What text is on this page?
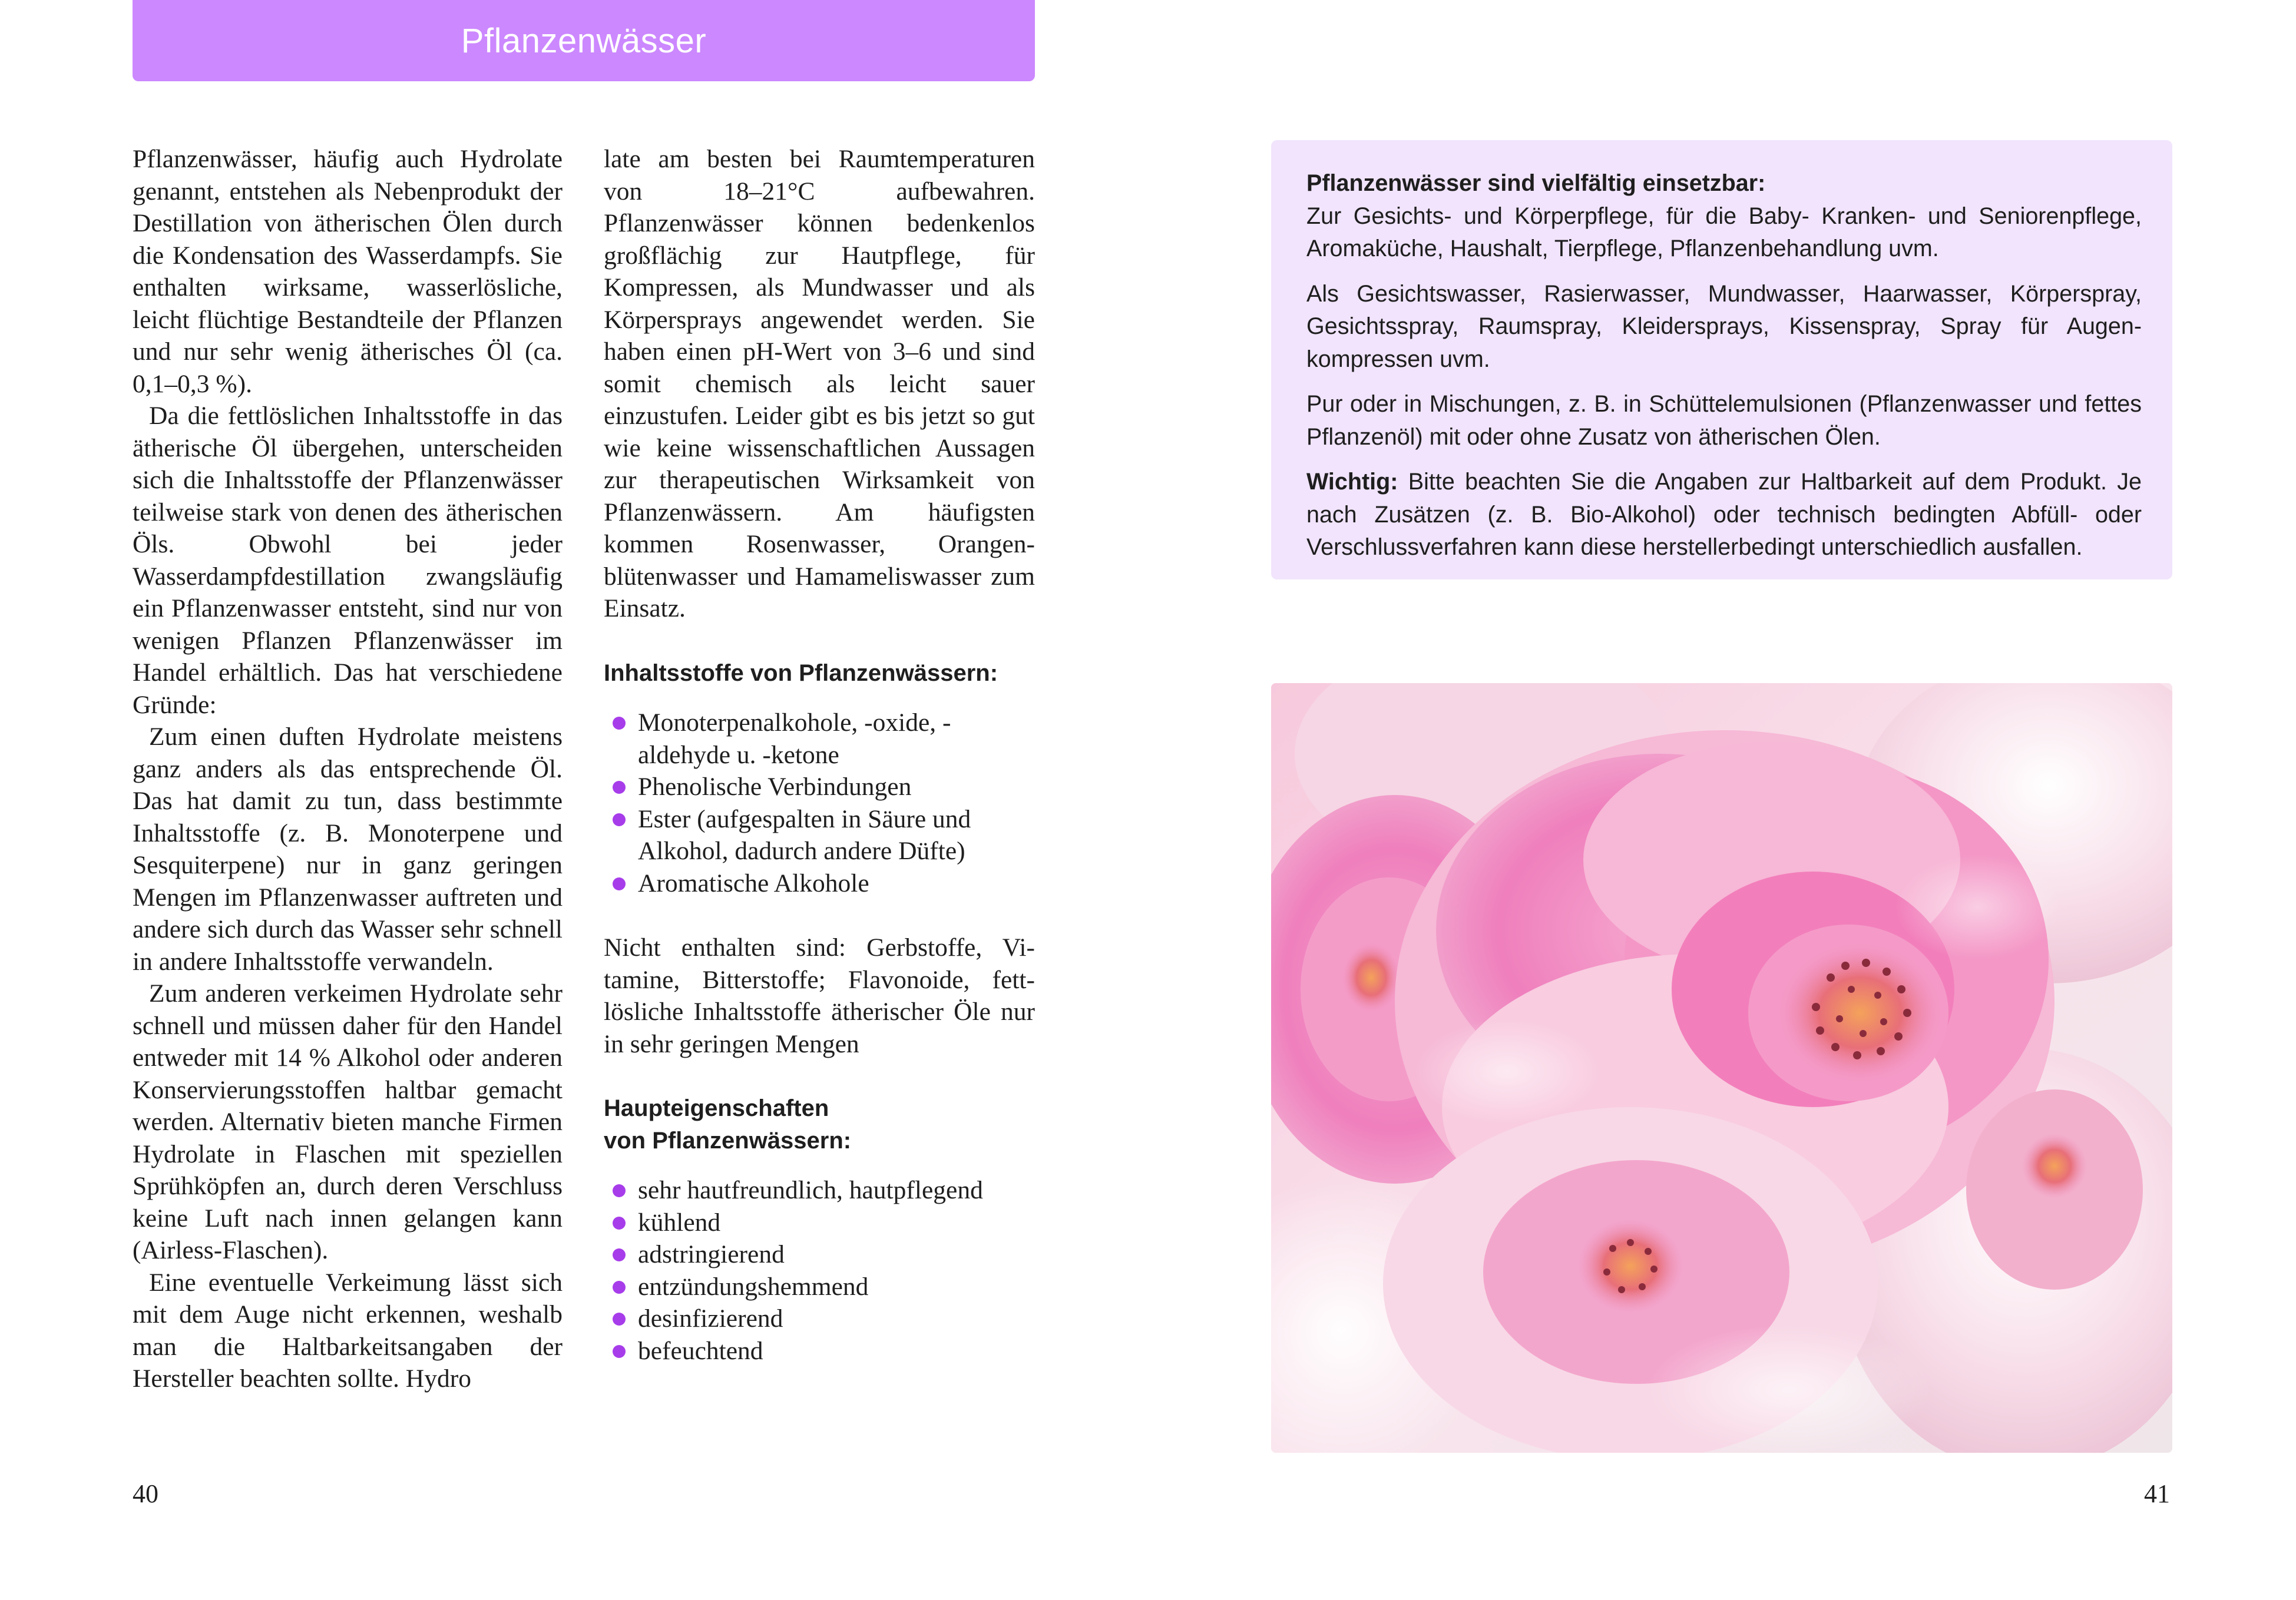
Pflanzenwässer

Pflanzenwässer, häufig auch Hydrolate genannt, entstehen als Nebenprodukt der Destillation von ätherischen Ölen durch die Kondensation des Wasserdampfs. Sie enthalten wirksame, wasserlösliche, leicht flüchtige Bestandteile der Pflanzen und nur sehr wenig ätherisches Öl (ca. 0,1–0,3 %).

Da die fettlöslichen Inhaltsstoffe in das ätherische Öl übergehen, unterscheiden sich die Inhaltsstoffe der Pflanzenwässer teilweise stark von denen des ätherischen Öls. Obwohl bei jeder Wasserdampfdestillation zwangsläufig ein Pflanzenwasser entsteht, sind nur von wenigen Pflanzen Pflanzenwässer im Handel erhältlich. Das hat verschiedene Gründe:

Zum einen duften Hydrolate meistens ganz anders als das entsprechende Öl. Das hat damit zu tun, dass bestimmte Inhaltsstoffe (z. B. Monoterpene und Sesquiterpene) nur in ganz geringen Mengen im Pflanzenwasser auftreten und andere sich durch das Wasser sehr schnell in andere Inhaltsstoffe verwandeln.

Zum anderen verkeimen Hydrolate sehr schnell und müssen daher für den Handel entweder mit 14 % Alkohol oder anderen Konservierungsstoffen haltbar gemacht werden. Alternativ bieten manche Firmen Hydrolate in Flaschen mit speziellen Sprühköpfen an, durch deren Verschluss keine Luft nach innen gelangen kann (Airless-Flaschen).

Eine eventuelle Verkeimung lässt sich mit dem Auge nicht erkennen, weshalb man die Haltbarkeitsangaben der Hersteller beachten sollte. Hydro

late am besten bei Raumtemperaturen von 18–21°C aufbewahren. Pflanzenwässer können bedenkenlos großflächig zur Hautpflege, für Kompressen, als Mundwasser und als Körpersprays angewendet werden. Sie haben einen pH-Wert von 3–6 und sind somit chemisch als leicht sauer einzustufen. Leider gibt es bis jetzt so gut wie keine wissenschaftlichen Aussagen zur therapeutischen Wirksamkeit von Pflanzenwässern. Am häufigsten kommen Rosenwasser, Orangenblütenwasser und Hamameliswasser zum Einsatz.

Inhaltsstoffe von Pflanzenwässern:

Monoterpenalkohole, -oxide, -aldehyde u. -ketone
Phenolische Verbindungen
Ester (aufgespalten in Säure und Alkohol, dadurch andere Düfte)
Aromatische Alkohole

Nicht enthalten sind: Gerbstoffe, Vitamine, Bitterstoffe; Flavonoide, fettlösliche Inhaltsstoffe ätherischer Öle nur in sehr geringen Mengen

Haupteigenschaften
von Pflanzenwässern:

sehr hautfreundlich, hautpflegend
kühlend
adstringierend
entzündungshemmend
desinfizierend
befeuchtend

Pflanzenwässer sind vielfältig einsetzbar:
Zur Gesichts- und Körperpflege, für die Baby- Kranken- und Seniorenpflege, Aromaküche, Haushalt, Tierpflege, Pflanzenbehandlung uvm.

Als Gesichtswasser, Rasierwasser, Mundwasser, Haarwasser, Körperspray, Gesichtsspray, Raumspray, Kleidersprays, Kissenspray, Spray für Augenkompressen uvm.

Pur oder in Mischungen, z. B. in Schüttelemulsionen (Pflanzenwasser und fettes Pflanzenöl) mit oder ohne Zusatz von ätherischen Ölen.

Wichtig: Bitte beachten Sie die Angaben zur Haltbarkeit auf dem Produkt. Je nach Zusätzen (z. B. Bio-Alkohol) oder technisch bedingten Abfüll- oder Verschlussverfahren kann diese herstellerbedingt unterschiedlich ausfallen.

40	41
